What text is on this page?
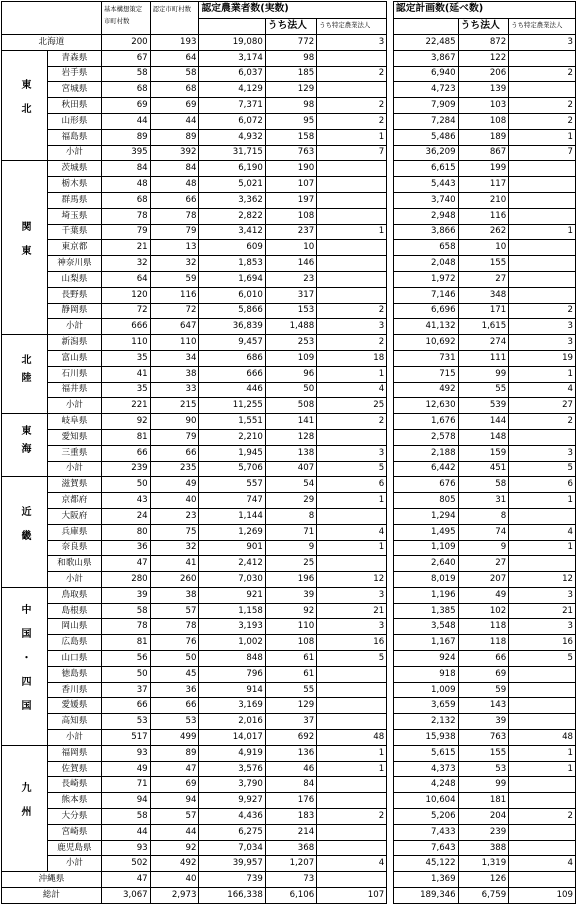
		基本構想策定市町村数	認定市町村数	認定農業者数(実数)				認定計画数(延べ数)		
					うち法人	うち特定農業法人			うち法人	うち特定農業法人
北海道		200	193	19,080	772	3		22,485	872	3
東北	青森県	67	64	3,174	98			3,867	122	
	岩手県	58	58	6,037	185	2		6,940	206	2
	宮城県	68	68	4,129	129			4,723	139	
	秋田県	69	69	7,371	98	2		7,909	103	2
	山形県	44	44	6,072	95	2		7,284	108	2
	福島県	89	89	4,932	158	1		5,486	189	1
	小計	395	392	31,715	763	7		36,209	867	7
関東	茨城県	84	84	6,190	190			6,615	199	
	栃木県	48	48	5,021	107			5,443	117	
	群馬県	68	66	3,362	197			3,740	210	
	埼玉県	78	78	2,822	108			2,948	116	
	千葉県	79	79	3,412	237	1		3,866	262	1
	東京都	21	13	609	10			658	10	
	神奈川県	32	32	1,853	146			2,048	155	
	山梨県	64	59	1,694	23			1,972	27	
	長野県	120	116	6,010	317			7,146	348	
	静岡県	72	72	5,866	153	2		6,696	171	2
	小計	666	647	36,839	1,488	3		41,132	1,615	3
北陸	新潟県	110	110	9,457	253	2		10,692	274	3
	富山県	35	34	686	109	18		731	111	19
	石川県	41	38	666	96	1		715	99	1
	福井県	35	33	446	50	4		492	55	4
	小計	221	215	11,255	508	25		12,630	539	27
東海	岐阜県	92	90	1,551	141	2		1,676	144	2
	愛知県	81	79	2,210	128			2,578	148	
	三重県	66	66	1,945	138	3		2,188	159	3
	小計	239	235	5,706	407	5		6,442	451	5
近畿	滋賀県	50	49	557	54	6		676	58	6
	京都府	43	40	747	29	1		805	31	1
	大阪府	24	23	1,144	8			1,294	8	
	兵庫県	80	75	1,269	71	4		1,495	74	4
	奈良県	36	32	901	9	1		1,109	9	1
	和歌山県	47	41	2,412	25			2,640	27	
	小計	280	260	7,030	196	12		8,019	207	12
中国・四国	鳥取県	39	38	921	39	3		1,196	49	3
	島根県	58	57	1,158	92	21		1,385	102	21
	岡山県	78	78	3,193	110	3		3,548	118	3
	広島県	81	76	1,002	108	16		1,167	118	16
	山口県	56	50	848	61	5		924	66	5
	徳島県	50	45	796	61			918	69	
	香川県	37	36	914	55			1,009	59	
	愛媛県	66	66	3,169	129			3,659	143	
	高知県	53	53	2,016	37			2,132	39	
	小計	517	499	14,017	692	48		15,938	763	48
九州	福岡県	93	89	4,919	136	1		5,615	155	1
	佐賀県	49	47	3,576	46	1		4,373	53	1
	長崎県	71	69	3,790	84			4,248	99	
	熊本県	94	94	9,927	176			10,604	181	
	大分県	58	57	4,436	183	2		5,206	204	2
	宮崎県	44	44	6,275	214			7,433	239	
	鹿児島県	93	92	7,034	368			7,643	388	
	小計	502	492	39,957	1,207	4		45,122	1,319	4
沖縄県		47	40	739	73			1,369	126	
総計		3,067	2,973	166,338	6,106	107		189,346	6,759	109
